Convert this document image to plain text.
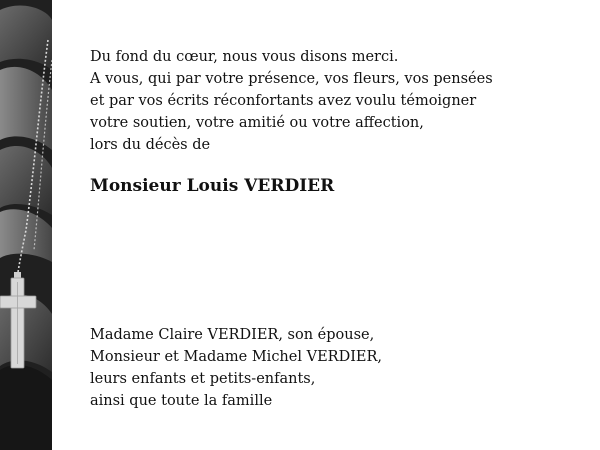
Du fond du cœur, nous vous disons merci.

A vous, qui par votre présence, vos fleurs, vos pensées

et par vos écrits réconfortants avez voulu témoigner

votre soutien, votre amitié ou votre affection,

lors du décès de

Monsieur Louis VERDIER

Madame Claire VERDIER, son épouse,

Monsieur et Madame Michel VERDIER,

leurs enfants et petits-enfants,

ainsi que toute la famille
